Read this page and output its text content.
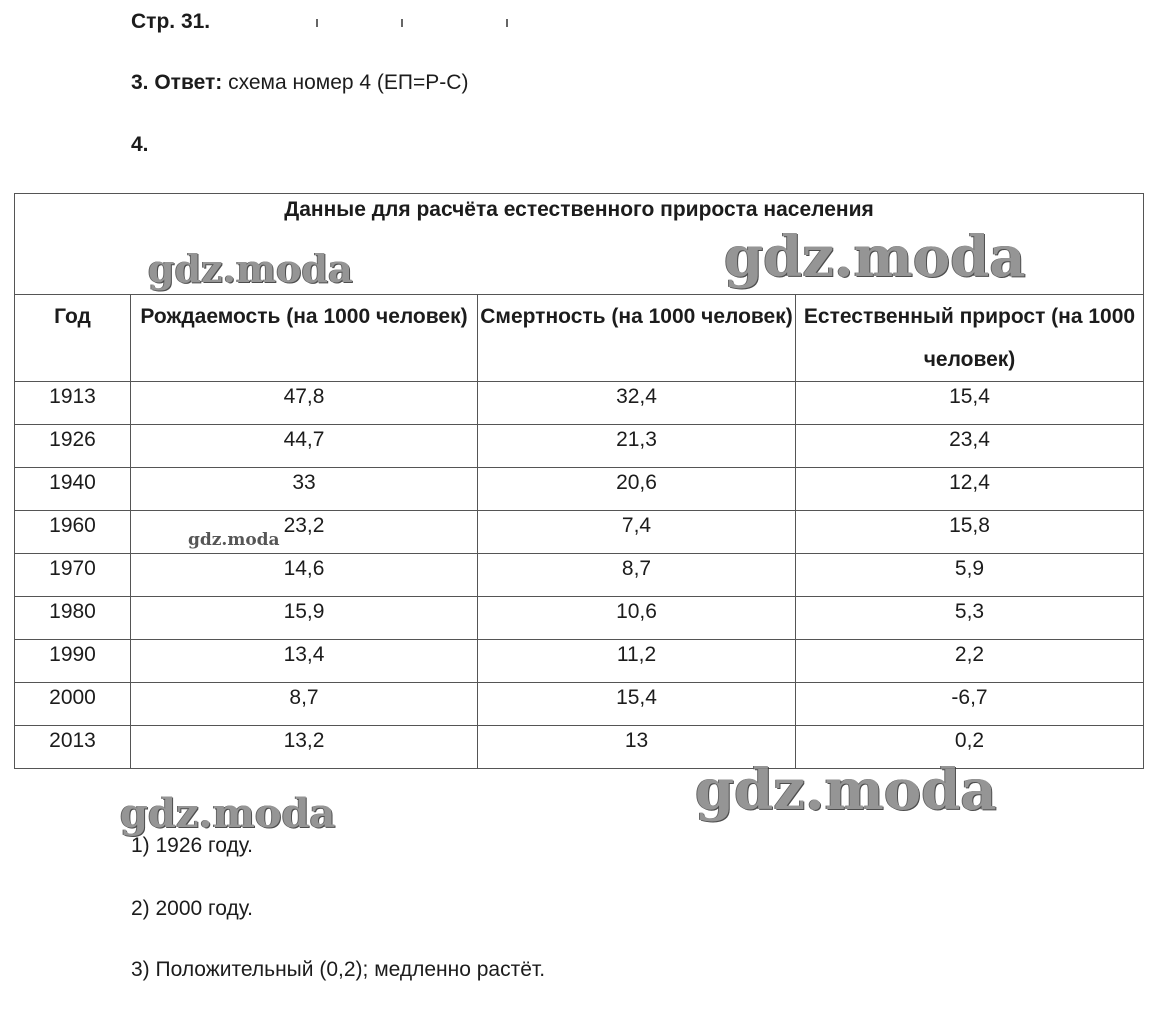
Стр. 31.
3. Ответ: схема номер 4 (ЕП=Р-С)
4.
Данные для расчёта естественного прироста населения			
Год	Рождаемость (на 1000 человек)	Смертность (на 1000 человек)	Естественный прирост (на 1000 человек)
1913	47,8	32,4	15,4
1926	44,7	21,3	23,4
1940	33	20,6	12,4
1960	23,2	7,4	15,8
1970	14,6	8,7	5,9
1980	15,9	10,6	5,3
1990	13,4	11,2	2,2
2000	8,7	15,4	-6,7
2013	13,2	13	0,2
gdz.moda	gdz.moda
gdz.moda
gdz.moda
gdz.moda
1) 1926 году.
2) 2000 году.
3) Положительный (0,2); медленно растёт.
